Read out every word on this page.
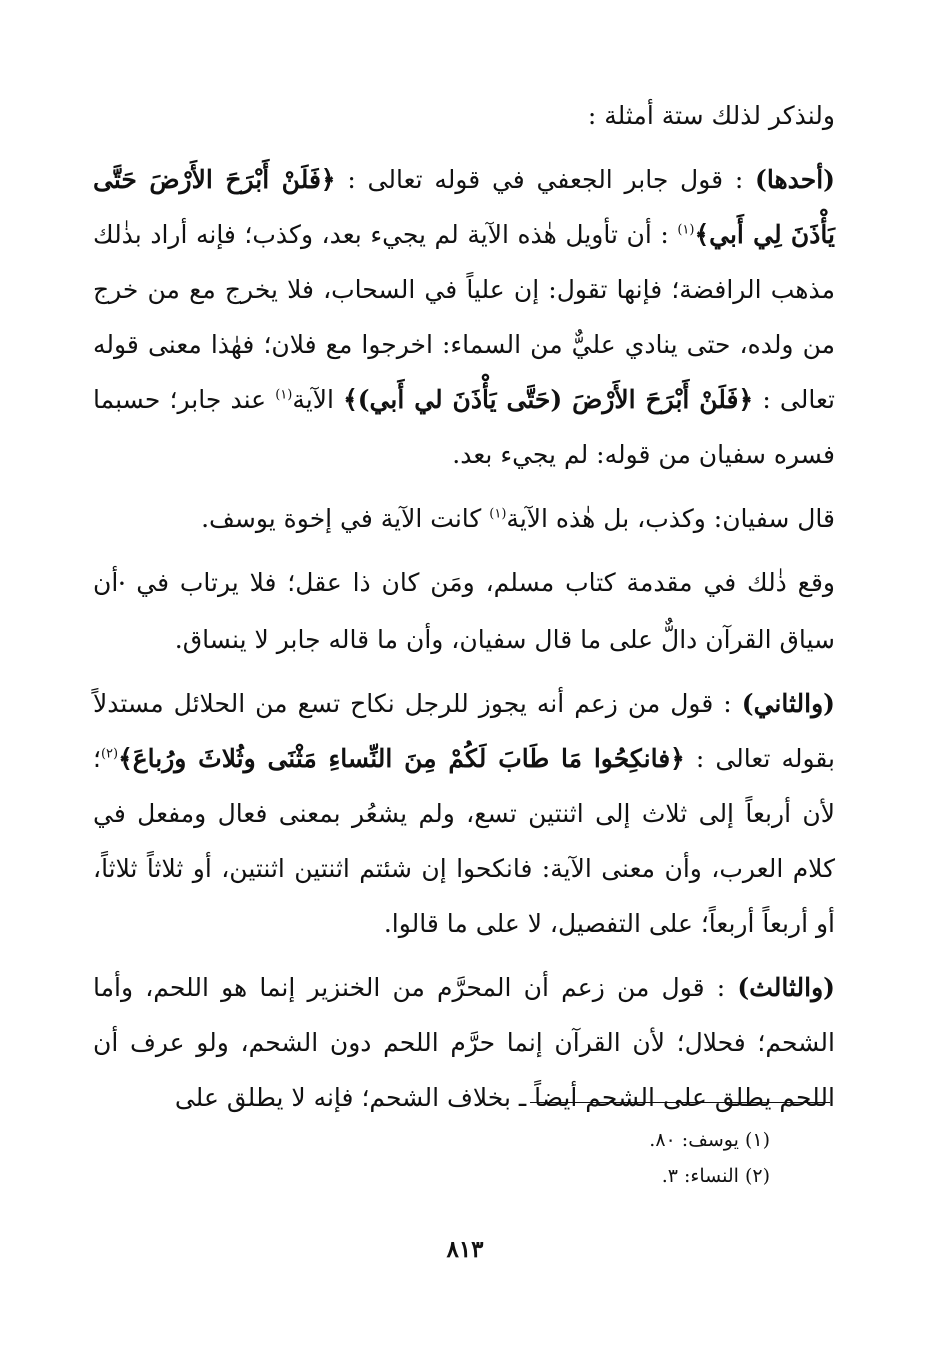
ولنذكر لذلك ستة أمثلة :

(أحدها) : قول جابر الجعفي في قوله تعالى : ﴿فَلَنْ أَبْرَحَ الأَرْضَ حَتَّى يَأْذَنَ لِي أَبي﴾$^{(١)}$ : أن تأويل هٰذه الآية لم يجيء بعد، وكذب؛ فإنه أراد بذٰلك مذهب الرافضة؛ فإنها تقول: إن علياً في السحاب، فلا يخرج مع من خرج من ولده، حتى ينادي عليٌّ من السماء: اخرجوا مع فلان؛ فهٰذا معنى قوله تعالى : ﴿فَلَنْ أَبْرَحَ الأَرْضَ (حَتَّى يَأْذَنَ لي أَبي)﴾ الآية$^{(١)}$ عند جابر؛ حسبما فسره سفيان من قوله: لم يجيء بعد.

قال سفيان: وكذب، بل هٰذه الآية$^{(١)}$ كانت الآية في إخوة يوسف.

وقع ذٰلك في مقدمة كتاب مسلم، ومَن كان ذا عقل؛ فلا يرتاب في •أن سياق القرآن دالٌّ على ما قال سفيان، وأن ما قاله جابر لا ينساق.

(والثاني) : قول من زعم أنه يجوز للرجل نكاح تسع من الحلائل مستدلاً بقوله تعالى : ﴿فانكِحُوا مَا طَابَ لَكُمْ مِنَ النِّساءِ مَثْنَى وثُلاثَ ورُباعَ﴾$^{(٢)}$؛ لأن أربعاً إلى ثلاث إلى اثنتين تسع، ولم يشعُر بمعنى فعال ومفعل في كلام العرب، وأن معنى الآية: فانكحوا إن شئتم اثنتين اثنتين، أو ثلاثاً ثلاثاً، أو أربعاً أربعاً؛ على التفصيل، لا على ما قالوا.

(والثالث) : قول من زعم أن المحرَّم من الخنزير إنما هو اللحم، وأما الشحم؛ فحلال؛ لأن القرآن إنما حرَّم اللحم دون الشحم، ولو عرف أن اللحم يطلق على الشحم أيضاً ـ بخلاف الشحم؛ فإنه لا يطلق على

(١) يوسف: ٨٠.

(٢) النساء: ٣.

٨١٣
